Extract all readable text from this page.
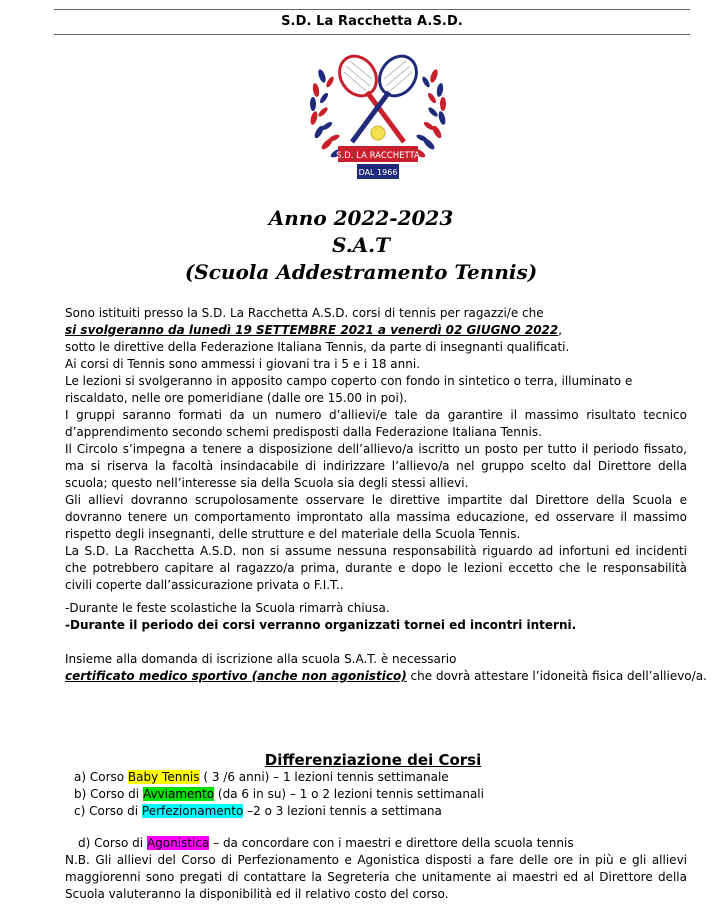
S.D. La Racchetta A.S.D.
S.D. LA RACCHETTA
DAL 1966
Anno 2022-2023
S.A.T
(Scuola Addestramento Tennis)
Sono istituiti presso la S.D. La Racchetta A.S.D. corsi di tennis per ragazzi/e che
si svolgeranno da lunedì 19 SETTEMBRE 2021 a venerdì 02 GIUGNO 2022,
sotto le direttive della Federazione Italiana Tennis, da parte di insegnanti qualificati.

Ai corsi di Tennis sono ammessi i giovani tra i 5 e i 18 anni.

Le lezioni si svolgeranno in apposito campo coperto con fondo in sintetico o terra, illuminato e riscaldato, nelle ore pomeridiane (dalle ore 15.00 in poi).

I gruppi saranno formati da un numero d’allievi/e tale da garantire il massimo risultato tecnico d’apprendimento secondo schemi predisposti dalla Federazione Italiana Tennis.

Il Circolo s’impegna a tenere a disposizione dell’allievo/a iscritto un posto per tutto il periodo fissato, ma si riserva la facoltà insindacabile di indirizzare l’allievo/a nel gruppo scelto dal Direttore della scuola; questo nell’interesse sia della Scuola sia degli stessi allievi.

Gli allievi dovranno scrupolosamente osservare le direttive impartite dal Direttore della Scuola e dovranno tenere un comportamento improntato alla massima educazione, ed osservare il massimo rispetto degli insegnanti, delle strutture e del materiale della Scuola Tennis.

La S.D. La Racchetta A.S.D. non si assume nessuna responsabilità riguardo ad infortuni ed incidenti che potrebbero capitare al ragazzo/a prima, durante e dopo le lezioni eccetto che le responsabilità civili coperte dall’assicurazione privata o F.I.T..

-Durante le feste scolastiche la Scuola rimarrà chiusa.
-Durante il periodo dei corsi verranno organizzati tornei ed incontri interni.
Insieme alla domanda di iscrizione alla scuola S.A.T. è necessario
certificato medico sportivo (anche non agonistico) che dovrà attestare l’idoneità fisica dell’allievo/a.
Differenziazione dei Corsi
a) Corso Baby Tennis ( 3 /6 anni) – 1 lezioni tennis settimanale
b) Corso di Avviamento (da 6 in su) – 1 o 2 lezioni tennis settimanali
c) Corso di Perfezionamento –2 o 3 lezioni tennis a settimana
d) Corso di Agonistica – da concordare con i maestri e direttore della scuola tennis
N.B. Gli allievi del Corso di Perfezionamento e Agonistica disposti a fare delle ore in più e gli allievi maggiorenni sono pregati di contattare la Segreteria che unitamente ai maestri ed al Direttore della Scuola valuteranno la disponibilità ed il relativo costo del corso.
